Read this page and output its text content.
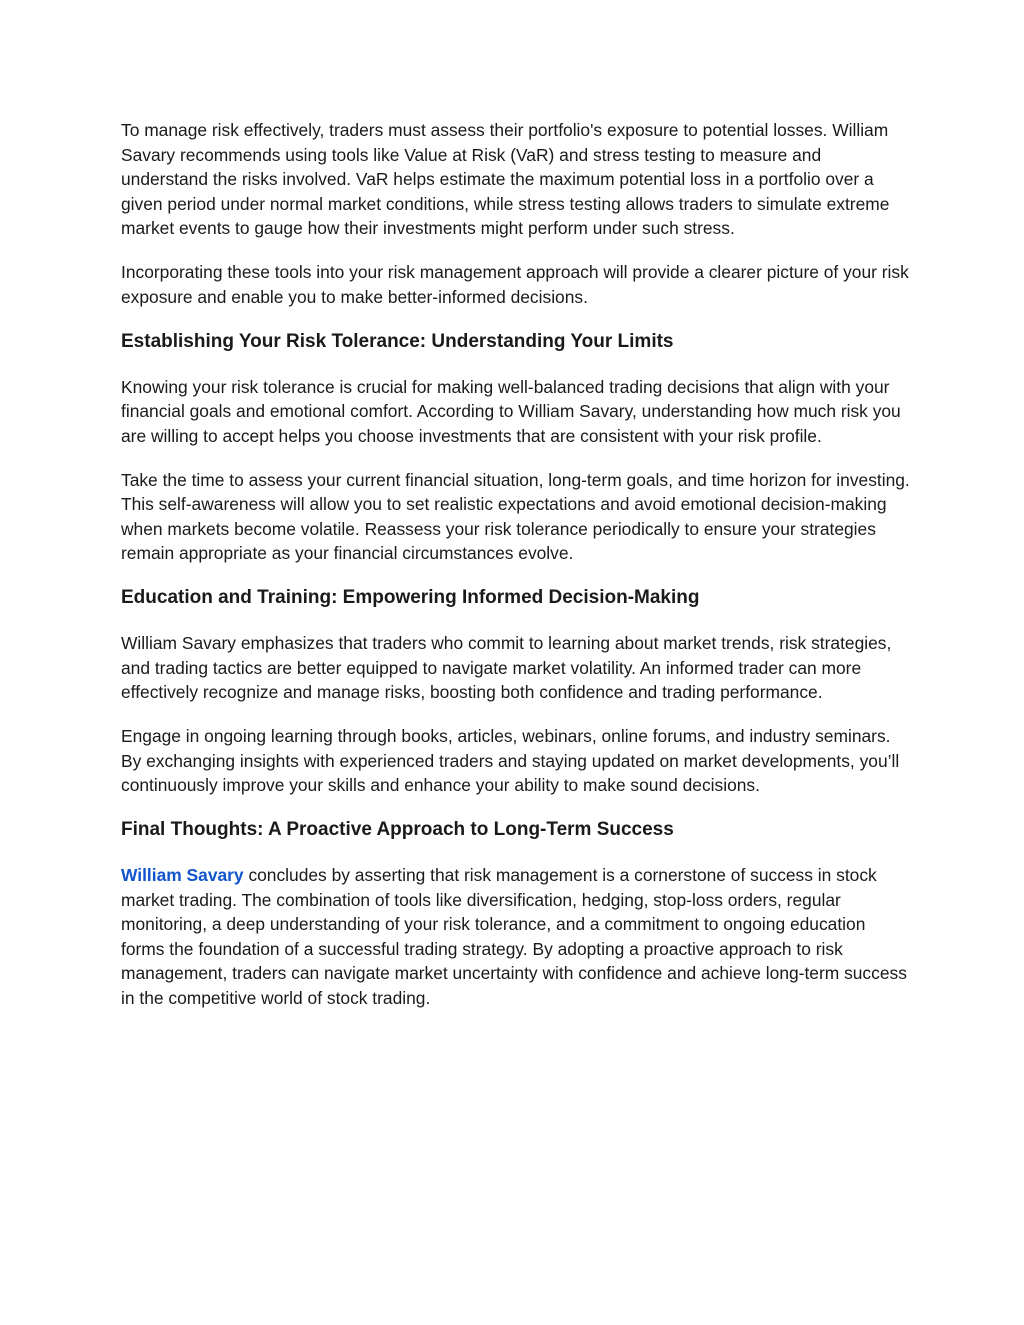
To manage risk effectively, traders must assess their portfolio's exposure to potential losses. William Savary recommends using tools like Value at Risk (VaR) and stress testing to measure and understand the risks involved. VaR helps estimate the maximum potential loss in a portfolio over a given period under normal market conditions, while stress testing allows traders to simulate extreme market events to gauge how their investments might perform under such stress.

Incorporating these tools into your risk management approach will provide a clearer picture of your risk exposure and enable you to make better-informed decisions.

Establishing Your Risk Tolerance: Understanding Your Limits

Knowing your risk tolerance is crucial for making well-balanced trading decisions that align with your financial goals and emotional comfort. According to William Savary, understanding how much risk you are willing to accept helps you choose investments that are consistent with your risk profile.

Take the time to assess your current financial situation, long-term goals, and time horizon for investing. This self-awareness will allow you to set realistic expectations and avoid emotional decision-making when markets become volatile. Reassess your risk tolerance periodically to ensure your strategies remain appropriate as your financial circumstances evolve.

Education and Training: Empowering Informed Decision-Making

William Savary emphasizes that traders who commit to learning about market trends, risk strategies, and trading tactics are better equipped to navigate market volatility. An informed trader can more effectively recognize and manage risks, boosting both confidence and trading performance.

Engage in ongoing learning through books, articles, webinars, online forums, and industry seminars. By exchanging insights with experienced traders and staying updated on market developments, you’ll continuously improve your skills and enhance your ability to make sound decisions.

Final Thoughts: A Proactive Approach to Long-Term Success

William Savary concludes by asserting that risk management is a cornerstone of success in stock market trading. The combination of tools like diversification, hedging, stop-loss orders, regular monitoring, a deep understanding of your risk tolerance, and a commitment to ongoing education forms the foundation of a successful trading strategy. By adopting a proactive approach to risk management, traders can navigate market uncertainty with confidence and achieve long-term success in the competitive world of stock trading.
